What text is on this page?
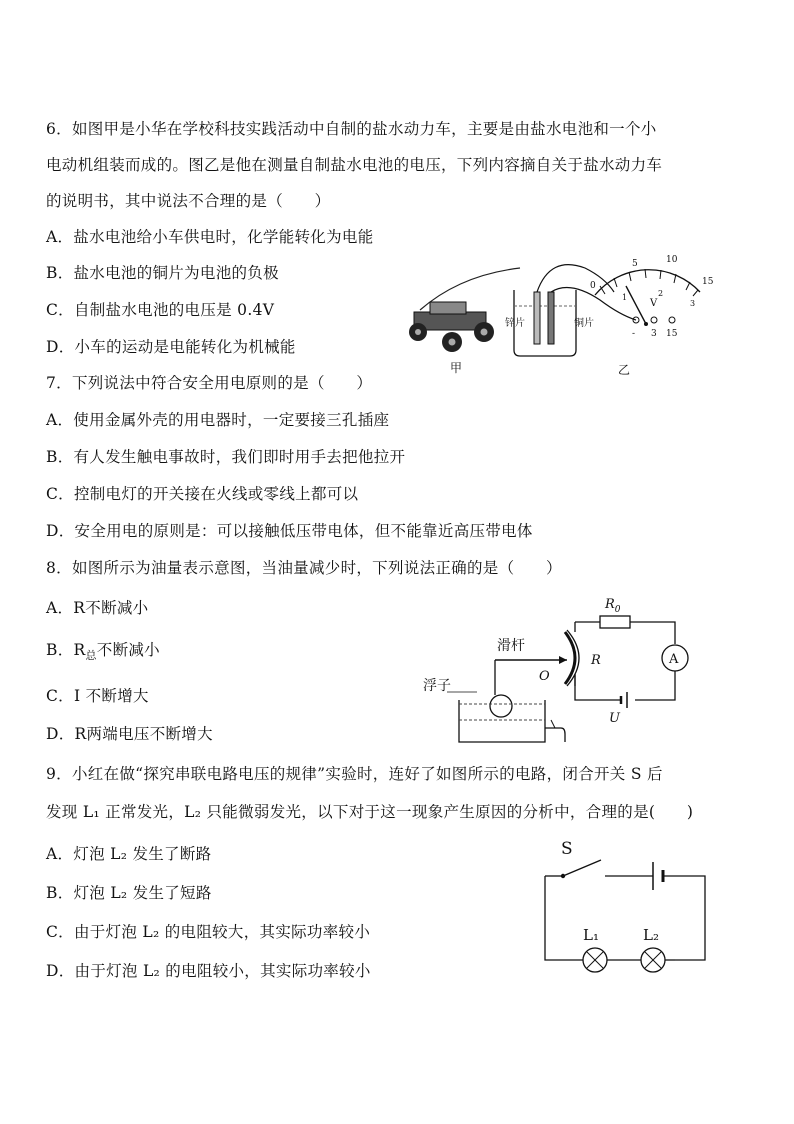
6．如图甲是小华在学校科技实践活动中自制的盐水动力车，主要是由盐水电池和一个小
电动机组装而成的。图乙是他在测量自制盐水电池的电压，下列内容摘自关于盐水动力车
的说明书，其中说法不合理的是（　　）
A．盐水电池给小车供电时，化学能转化为电能
B．盐水电池的铜片为电池的负极
C．自制盐水电池的电压是 0.4V
D．小车的运动是电能转化为机械能
甲
锌片	铜片
5	10
0	15
1	2
3
V
- 3 15
乙
7．下列说法中符合安全用电原则的是（　　）
A．使用金属外壳的用电器时，一定要接三孔插座
B．有人发生触电事故时，我们即时用手去把他拉开
C．控制电灯的开关接在火线或零线上都可以
D．安全用电的原则是：可以接触低压带电体，但不能靠近高压带电体
8．如图所示为油量表示意图，当油量减少时，下列说法正确的是（　　）
A．R不断减小
B．$R_总$不断减小
C．I 不断增大
D．R两端电压不断增大
$R_0$
A
U
R
滑杆
O
浮子
9．小红在做“探究串联电路电压的规律”实验时，连好了如图所示的电路，闭合开关 S 后
发现 L₁ 正常发光，L₂ 只能微弱发光，以下对于这一现象产生原因的分析中，合理的是(　　)
A．灯泡 L₂ 发生了断路
B．灯泡 L₂ 发生了短路
C．由于灯泡 L₂ 的电阻较大，其实际功率较小
D．由于灯泡 L₂ 的电阻较小，其实际功率较小
S
L₁	L₂
